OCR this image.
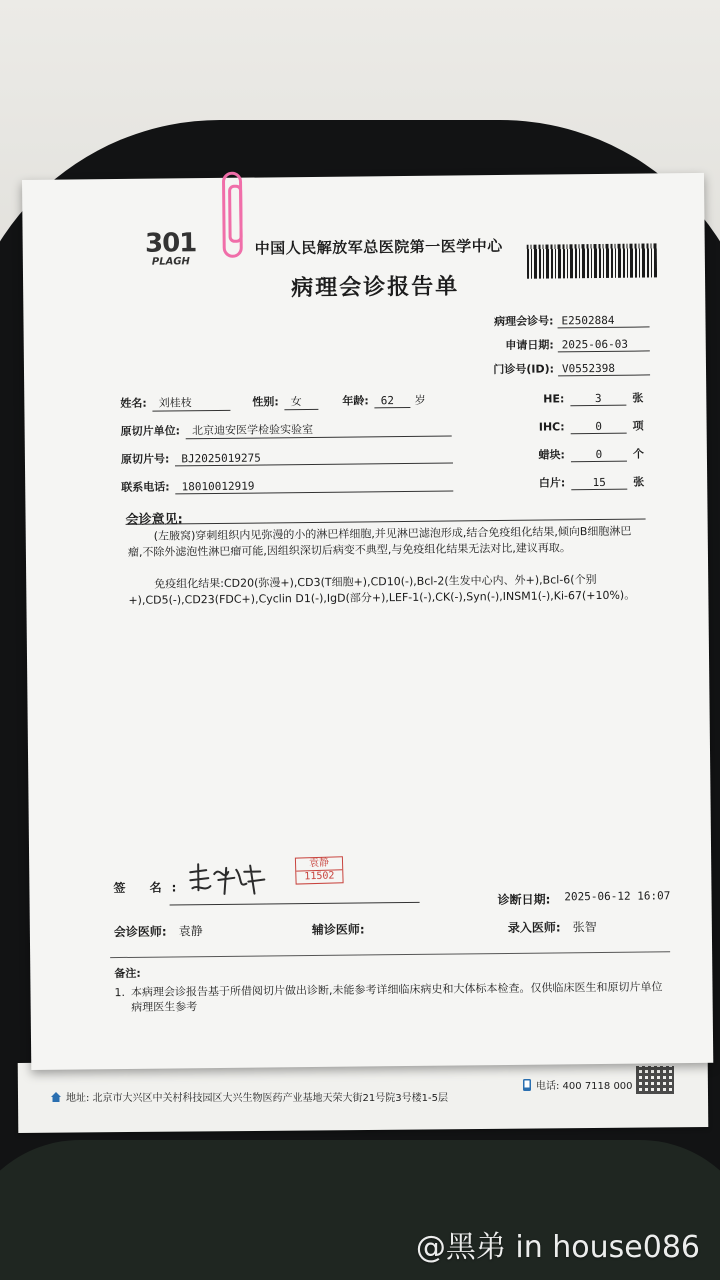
地址: 北京市大兴区中关村科技园区大兴生物医药产业基地天荣大街21号院3号楼1-5层
电话: 400 7118 000
301
PLAGH
中国人民解放军总医院第一医学中心
病理会诊报告单
病理会诊号: E2502884
申请日期: 2025-06-03
门诊号(ID): V0552398
姓名:	刘桂枝	性别:	女	年龄:	62	岁
原切片单位:	北京迪安医学检验实验室
原切片号:	BJ2025019275
联系电话:	18010012919
HE:	3	张
IHC:	0	项
蜡块:	0	个
白片:	15	张
会诊意见:
(左腋窝)穿刺组织内见弥漫的小的淋巴样细胞,并见淋巴滤泡形成,结合免疫组化结果,倾向B细胞淋巴瘤,不除外滤泡性淋巴瘤可能,因组织深切后病变不典型,与免疫组化结果无法对比,建议再取。
免疫组化结果:CD20(弥漫+),CD3(T细胞+),CD10(-),Bcl-2(生发中心内、外+),Bcl-6(个别+),CD5(-),CD23(FDC+),Cyclin D1(-),IgD(部分+),LEF-1(-),CK(-),Syn(-),INSM1(-),Ki-67(+10%)。
签 名:
袁静
11502
诊断日期: 2025-06-12 16:07
会诊医师: 袁静	辅诊医师:	录入医师: 张智
备注:
1. 本病理会诊报告基于所借阅切片做出诊断,未能参考详细临床病史和大体标本检查。仅供临床医生和原切片单位病理医生参考
@黑弟 in house086
